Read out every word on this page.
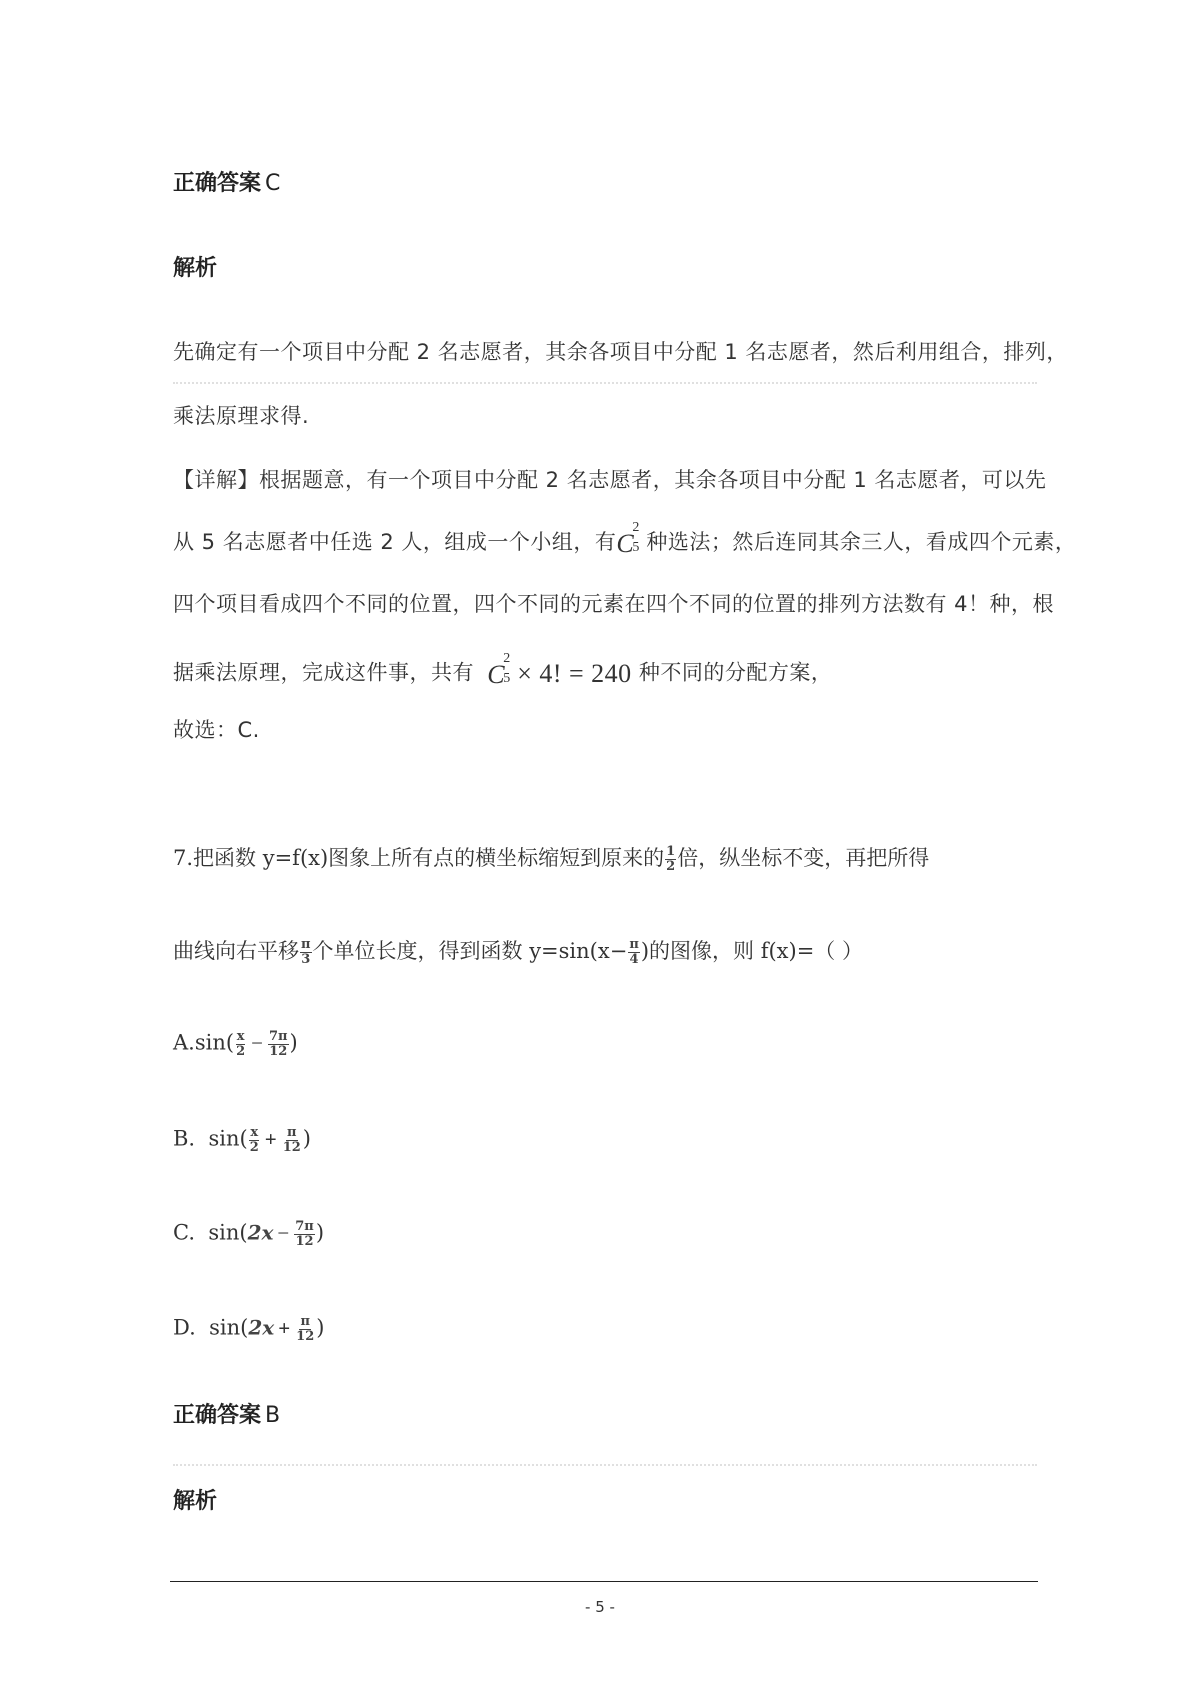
正确答案 C
解析
先确定有一个项目中分配 2 名志愿者，其余各项目中分配 1 名志愿者，然后利用组合，排列，
乘法原理求得.
【详解】根据题意，有一个项目中分配 2 名志愿者，其余各项目中分配 1 名志愿者，可以先
从 5 名志愿者中任选 2 人，组成一个小组，有C
2
5 种选法；然后连同其余三人，看成四个元素，
四个项目看成四个不同的位置，四个不同的元素在四个不同的位置的排列方法数有 4！种，根
据乘法原理，完成这件事，共有 C
2
5 × 4! = 240 种不同的分配方案，
故选：C.
7.把函数 y=f(x)图象上所有点的横坐标缩短到原来的 $\frac{1}{2}$ 倍，纵坐标不变，再把所得
曲线向右平移 $\frac{\pi}{3}$ 个单位长度，得到函数 $y=\sin(x- \frac{\pi}{4}$ )的图像，则 f(x)=（ ）
$A.\sin( \frac{x}{2} - \frac{7\pi}{12}$ )
B. $\sin( \frac{x}{2} + \frac{\pi}{12}$ )
C. $\sin(2x - \frac{7\pi}{12}$ )
D. $\sin(2x + \frac{\pi}{12}$ )
正确答案 B
解析
- 5 -
